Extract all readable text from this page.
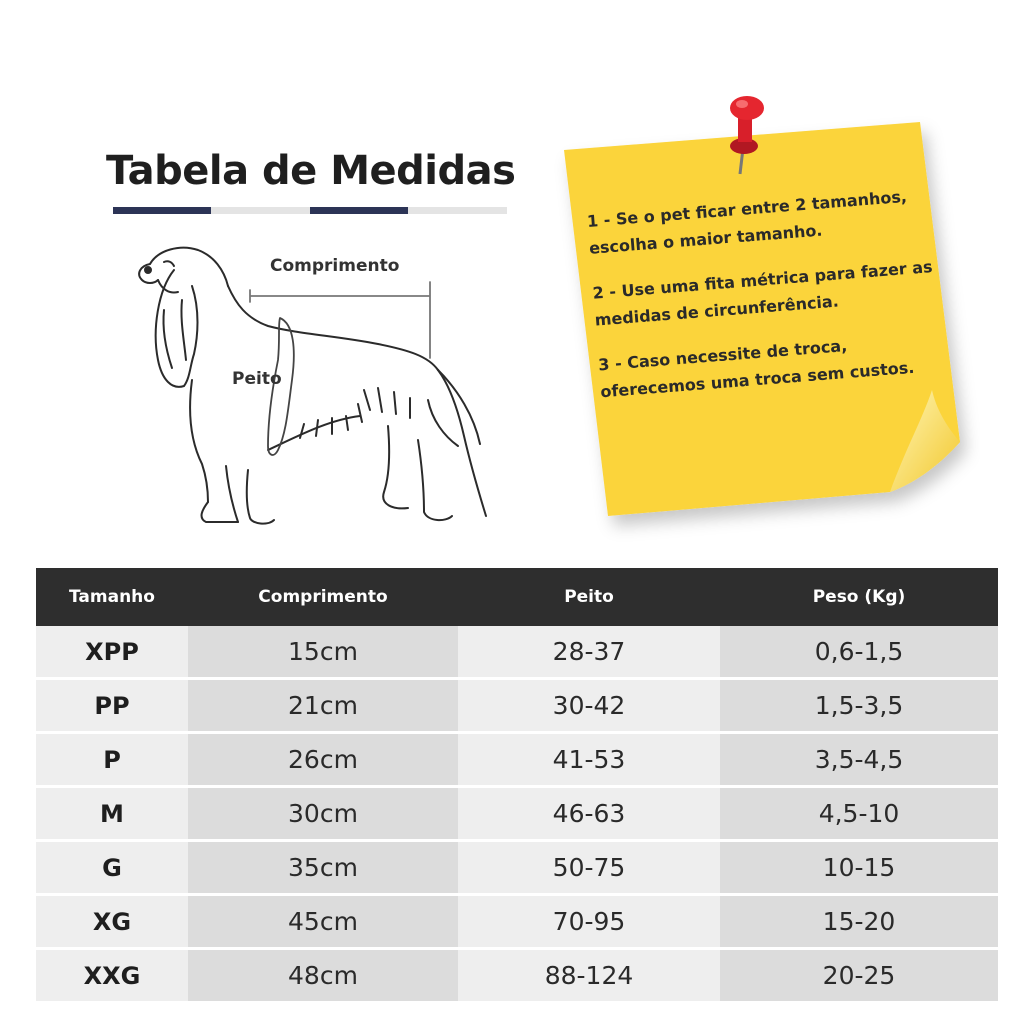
Tabela de Medidas
Comprimento
Peito

1 - Se o pet ficar entre 2 tamanhos, escolha o maior tamanho.

2 - Use uma fita métrica para fazer as medidas de circunferência.

3 - Caso necessite de troca, oferecemos uma troca sem custos.

Tamanho	Comprimento	Peito	Peso (Kg)
XPP	15cm	28-37	0,6-1,5
PP	21cm	30-42	1,5-3,5
P	26cm	41-53	3,5-4,5
M	30cm	46-63	4,5-10
G	35cm	50-75	10-15
XG	45cm	70-95	15-20
XXG	48cm	88-124	20-25
